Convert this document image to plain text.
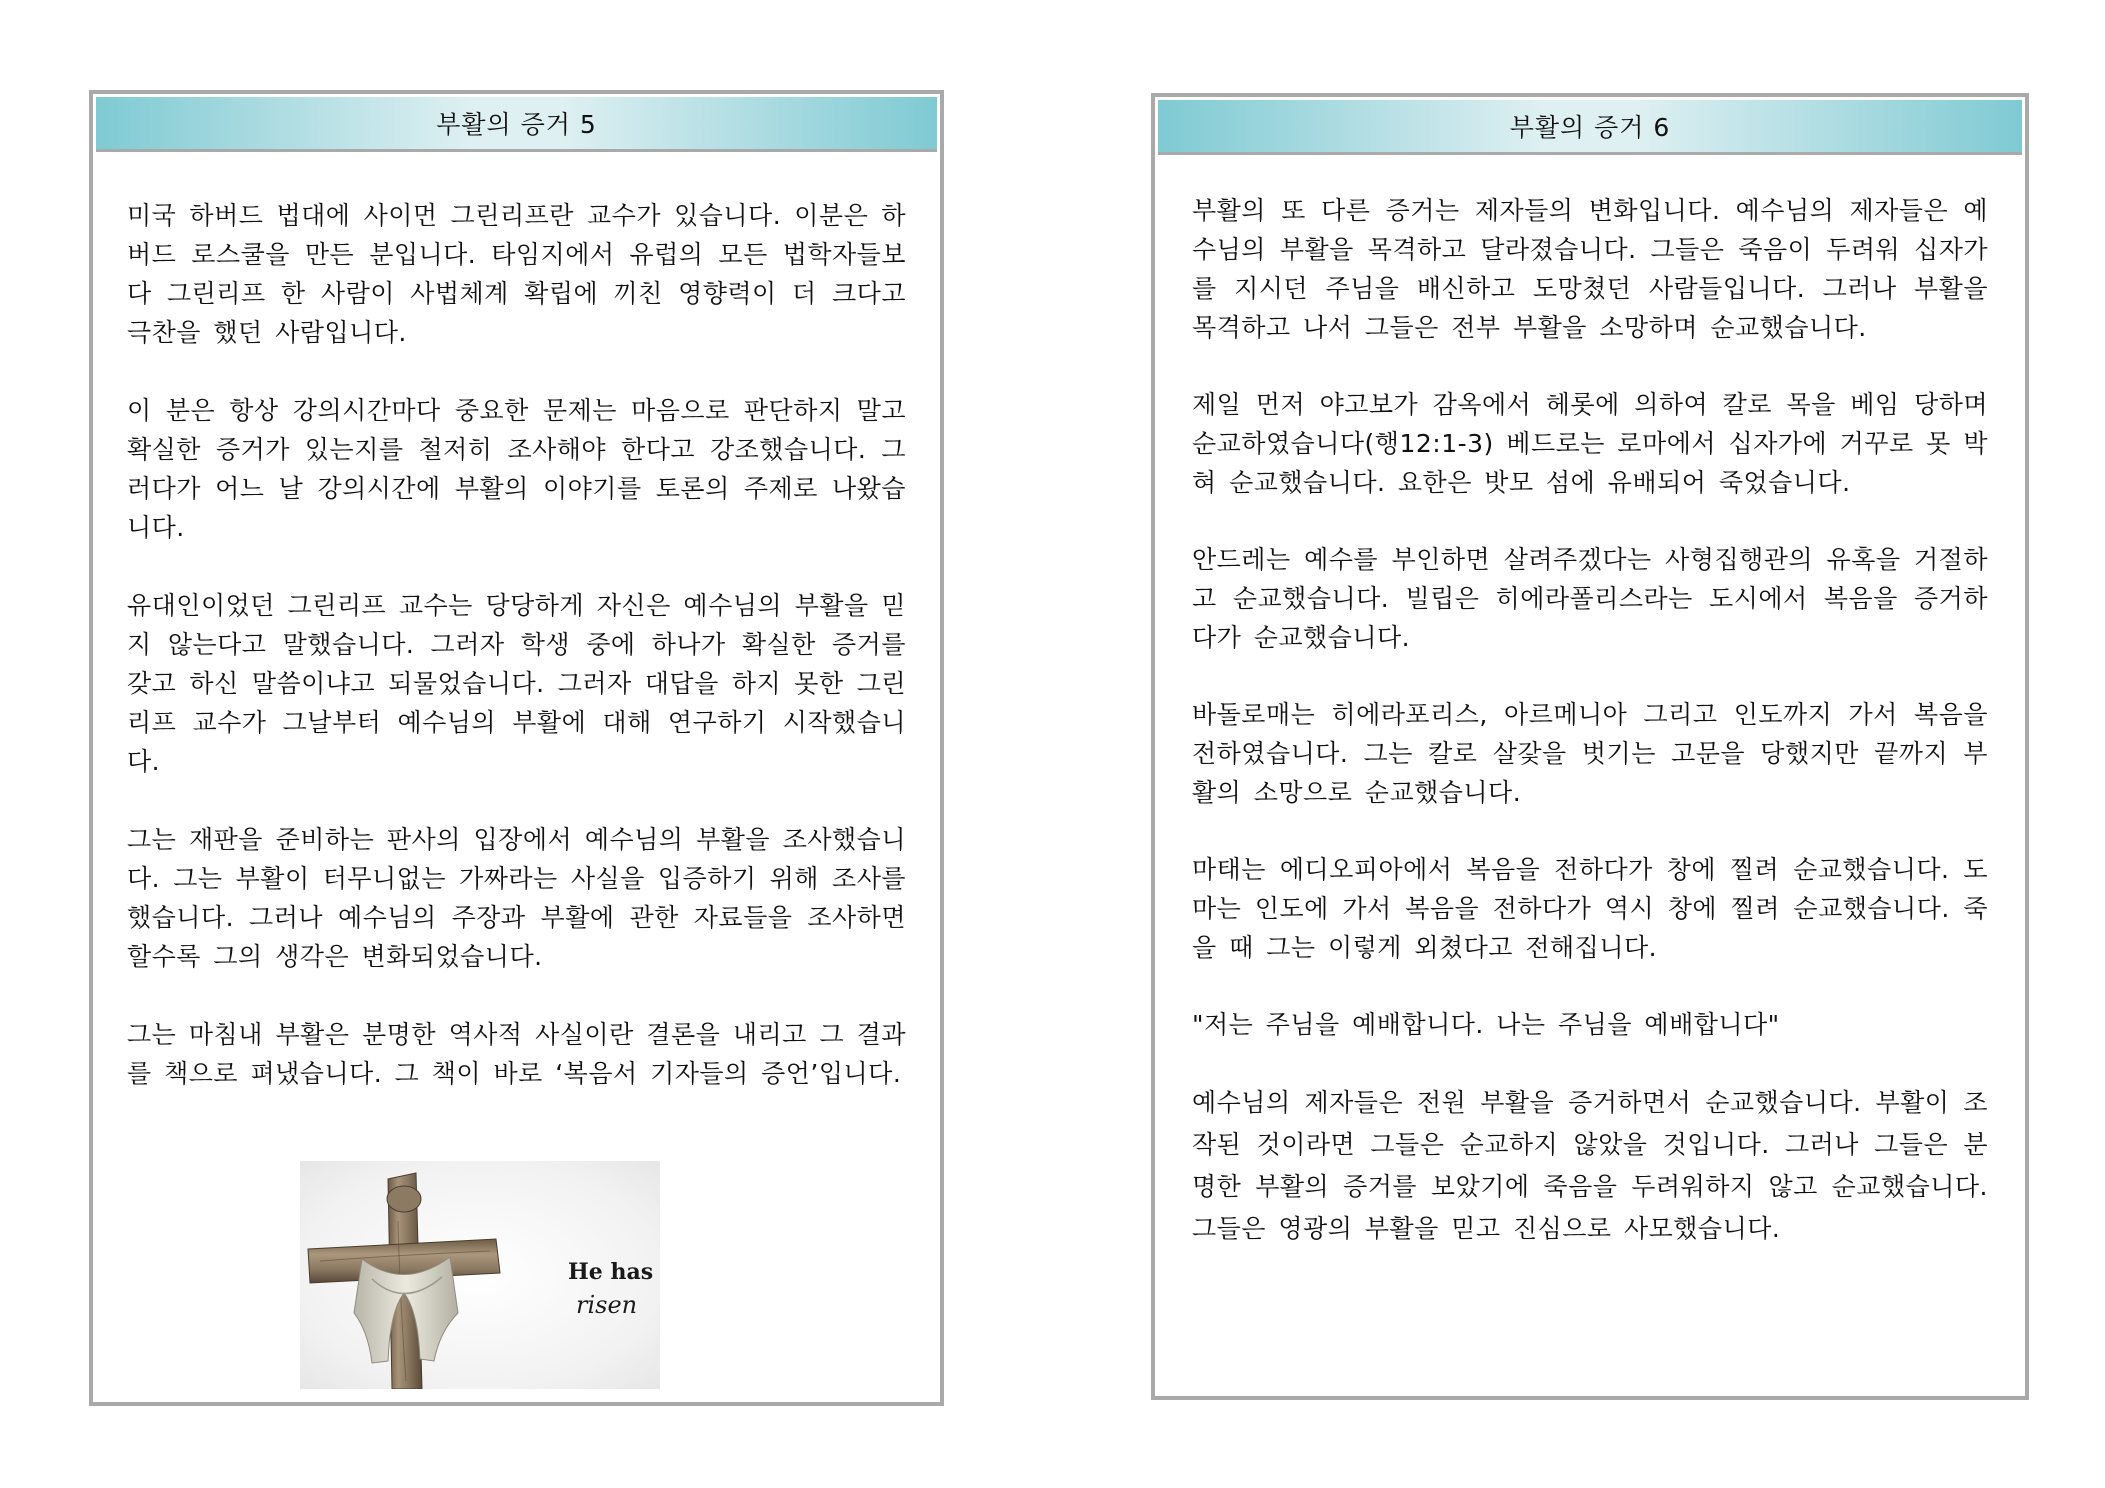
부활의 증거 5

미국 하버드 법대에 사이먼 그린리프란 교수가 있습니다. 이분은 하버드 로스쿨을 만든 분입니다. 타임지에서 유럽의 모든 법학자들보다 그린리프 한 사람이 사법체계 확립에 끼친 영향력이 더 크다고 극찬을 했던 사람입니다.

이 분은 항상 강의시간마다 중요한 문제는 마음으로 판단하지 말고 확실한 증거가 있는지를 철저히 조사해야 한다고 강조했습니다. 그러다가 어느 날 강의시간에 부활의 이야기를 토론의 주제로 나왔습니다.

유대인이었던 그린리프 교수는 당당하게 자신은 예수님의 부활을 믿지 않는다고 말했습니다. 그러자 학생 중에 하나가 확실한 증거를 갖고 하신 말씀이냐고 되물었습니다. 그러자 대답을 하지 못한 그린리프 교수가 그날부터 예수님의 부활에 대해 연구하기 시작했습니다.

그는 재판을 준비하는 판사의 입장에서 예수님의 부활을 조사했습니다. 그는 부활이 터무니없는 가짜라는 사실을 입증하기 위해 조사를 했습니다. 그러나 예수님의 주장과 부활에 관한 자료들을 조사하면 할수록 그의 생각은 변화되었습니다.

그는 마침내 부활은 분명한 역사적 사실이란 결론을 내리고 그 결과를 책으로 펴냈습니다. 그 책이 바로 ‘복음서 기자들의 증언’입니다.

He has
risen
부활의 증거 6

부활의 또 다른 증거는 제자들의 변화입니다. 예수님의 제자들은 예수님의 부활을 목격하고 달라졌습니다. 그들은 죽음이 두려워 십자가를 지시던 주님을 배신하고 도망쳤던 사람들입니다. 그러나 부활을 목격하고 나서 그들은 전부 부활을 소망하며 순교했습니다.

제일 먼저 야고보가 감옥에서 헤롯에 의하여 칼로 목을 베임 당하며 순교하였습니다(행12:1-3) 베드로는 로마에서 십자가에 거꾸로 못 박혀 순교했습니다. 요한은 밧모 섬에 유배되어 죽었습니다.

안드레는 예수를 부인하면 살려주겠다는 사형집행관의 유혹을 거절하고 순교했습니다. 빌립은 히에라폴리스라는 도시에서 복음을 증거하다가 순교했습니다.

바돌로매는 히에라포리스, 아르메니아 그리고 인도까지 가서 복음을 전하였습니다. 그는 칼로 살갗을 벗기는 고문을 당했지만 끝까지 부활의 소망으로 순교했습니다.

마태는 에디오피아에서 복음을 전하다가 창에 찔려 순교했습니다. 도마는 인도에 가서 복음을 전하다가 역시 창에 찔려 순교했습니다. 죽을 때 그는 이렇게 외쳤다고 전해집니다.

"저는 주님을 예배합니다. 나는 주님을 예배합니다"

예수님의 제자들은 전원 부활을 증거하면서 순교했습니다. 부활이 조작된 것이라면 그들은 순교하지 않았을 것입니다. 그러나 그들은 분명한 부활의 증거를 보았기에 죽음을 두려워하지 않고 순교했습니다. 그들은 영광의 부활을 믿고 진심으로 사모했습니다.
